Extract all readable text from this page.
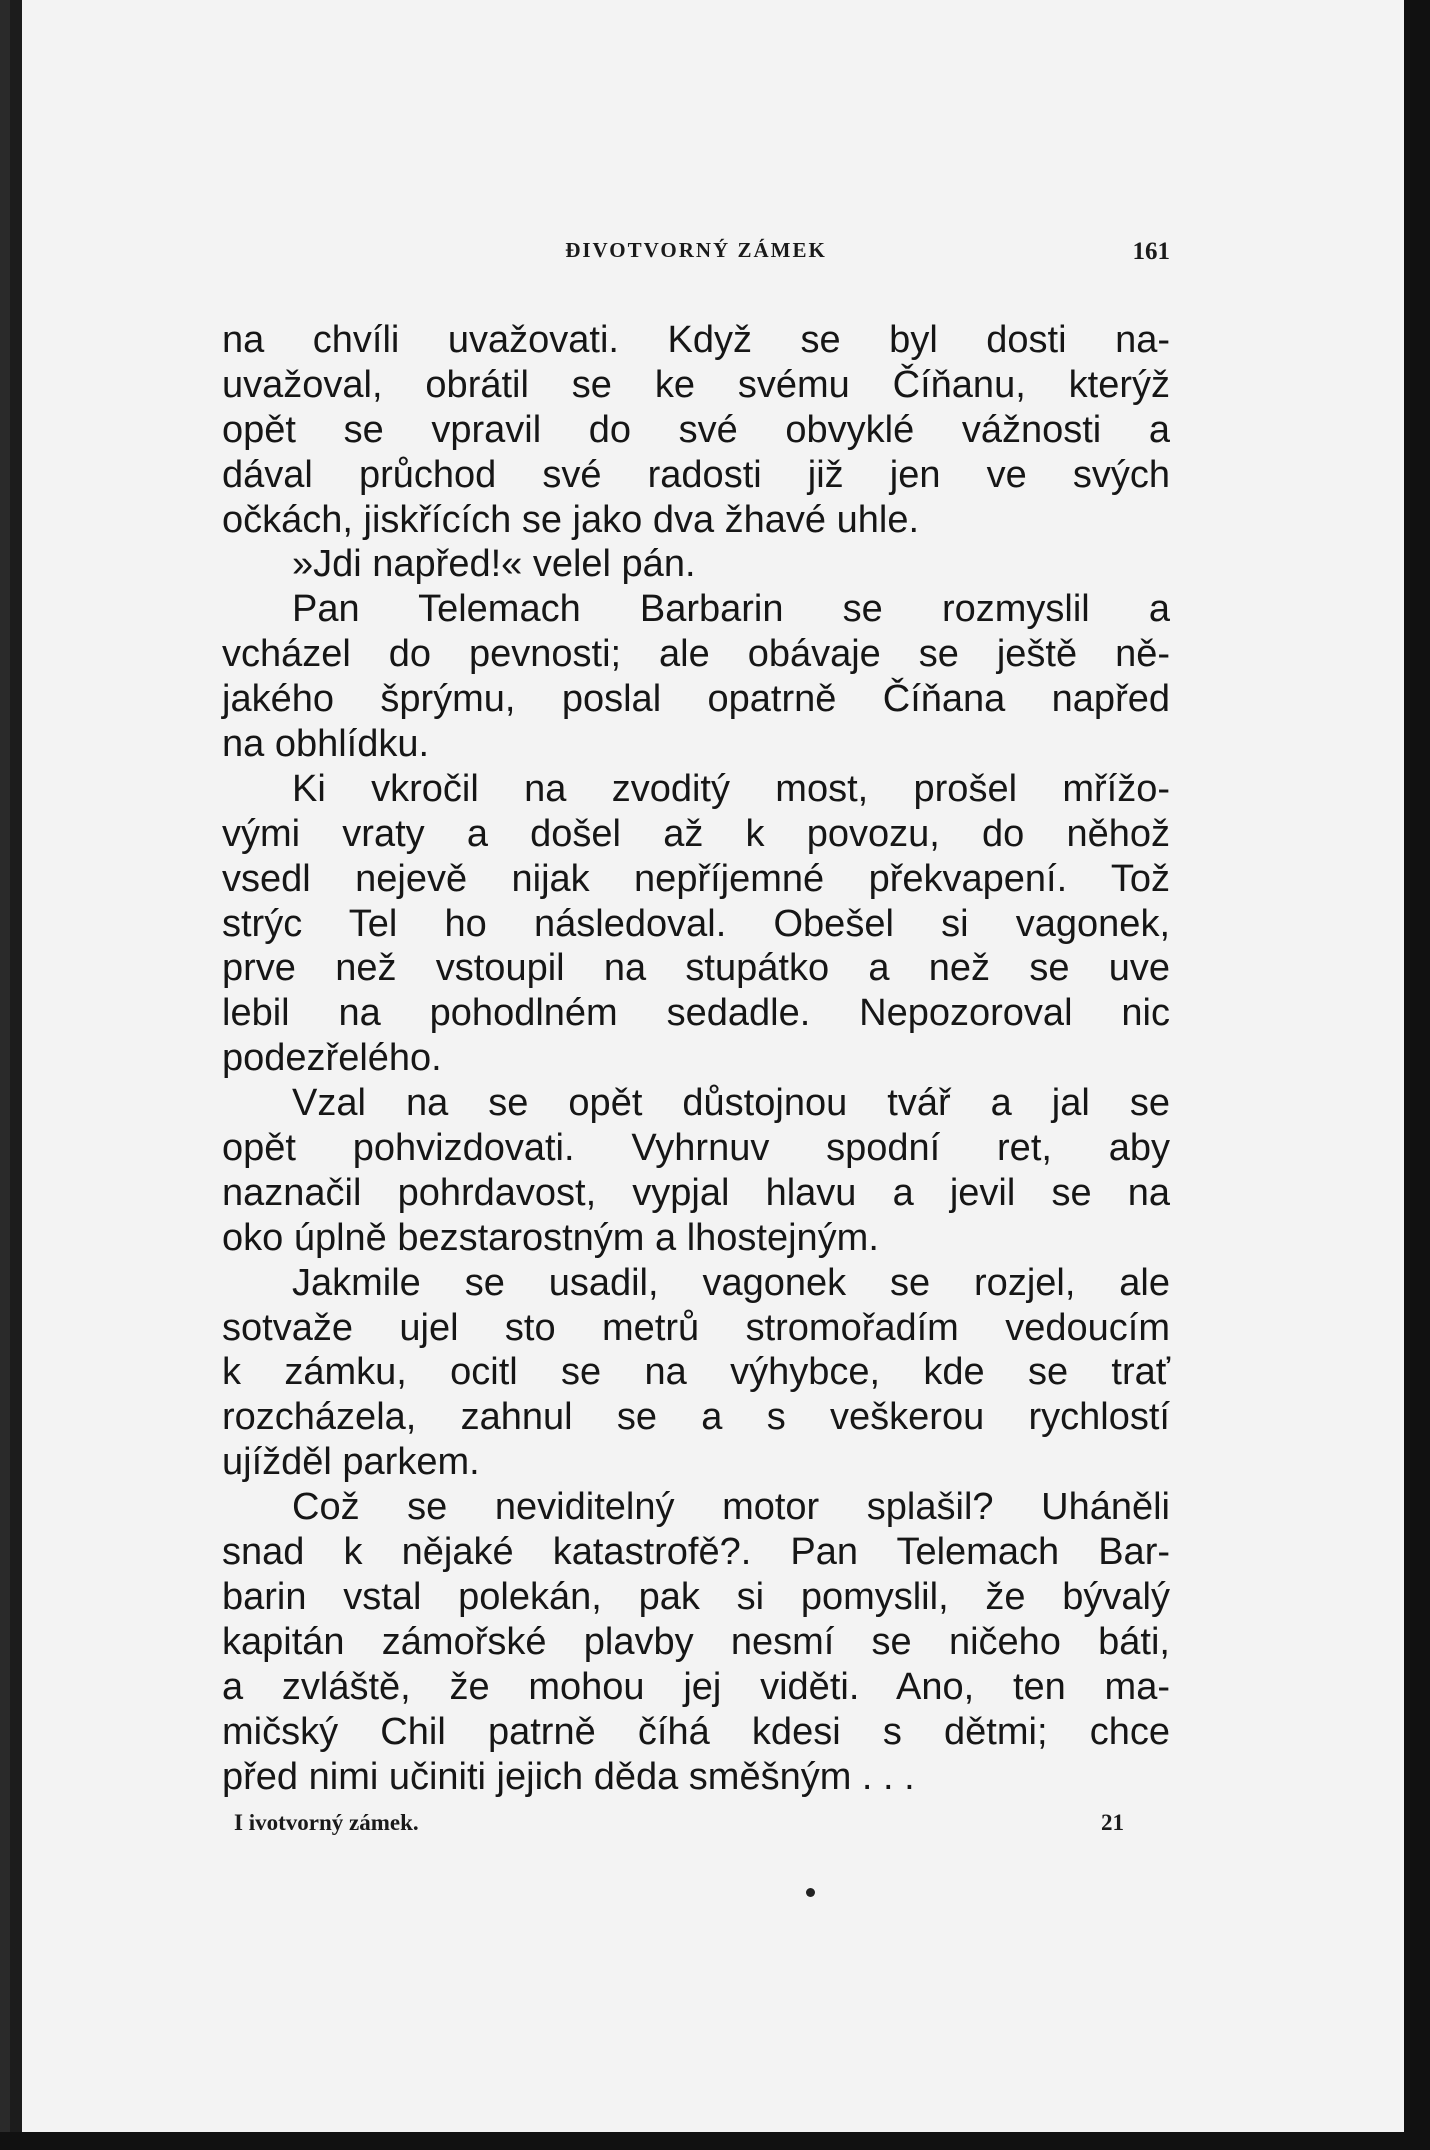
ĐIVOTVORNÝ ZÁMEK	161
na chvíli uvažovati. Když se byl dosti na-
uvažoval, obrátil se ke svému Číňanu, kterýž
opět se vpravil do své obvyklé vážnosti a
dával průchod své radosti již jen ve svých
očkách, jiskřících se jako dva žhavé uhle.
»Jdi napřed!« velel pán.
Pan Telemach Barbarin se rozmyslil a
vcházel do pevnosti; ale obávaje se ještě ně-
jakého šprýmu, poslal opatrně Číňana napřed
na obhlídku.
Ki vkročil na zvoditý most, prošel mřížo-
vými vraty a došel až k povozu, do něhož
vsedl nejevě nijak nepříjemné překvapení. Tož
strýc Tel ho následoval. Obešel si vagonek,
prve než vstoupil na stupátko a než se uve
lebil na pohodlném sedadle. Nepozoroval nic
podezřelého.
Vzal na se opět důstojnou tvář a jal se
opět pohvizdovati. Vyhrnuv spodní ret, aby
naznačil pohrdavost, vypjal hlavu a jevil se na
oko úplně bezstarostným a lhostejným.
Jakmile se usadil, vagonek se rozjel, ale
sotvaže ujel sto metrů stromořadím vedoucím
k zámku, ocitl se na výhybce, kde se trať
rozcházela, zahnul se a s veškerou rychlostí
ujížděl parkem.
Což se neviditelný motor splašil? Uháněli
snad k nějaké katastrofě?. Pan Telemach Bar-
barin vstal polekán, pak si pomyslil, že bývalý
kapitán zámořské plavby nesmí se ničeho báti,
a zvláště, že mohou jej viděti. Ano, ten ma-
mičský Chil patrně číhá kdesi s dětmi; chce
před nimi učiniti jejich děda směšným . . .
I ivotvorný zámek.	21
